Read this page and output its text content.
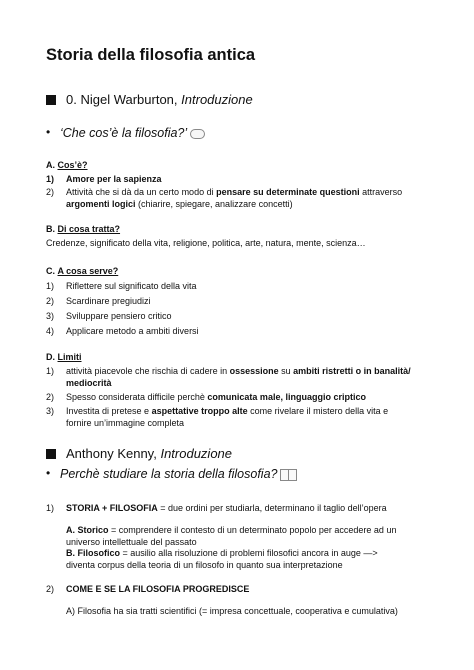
Storia della filosofia antica
0. Nigel Warburton, Introduzione
• ‘Che cos’è la filosofia?’
A. Cos’è?
1) Amore per la sapienza
2) Attività che si dà da un certo modo di pensare su determinate questioni attraverso
argomenti logici (chiarire, spiegare, analizzare concetti)
B. Di cosa tratta?
Credenze, significato della vita, religione, politica, arte, natura, mente, scienza…
C. A cosa serve?
1) Riflettere sul significato della vita
2) Scardinare pregiudizi
3) Sviluppare pensiero critico
4) Applicare metodo a ambiti diversi
D. Limiti
1) attività piacevole che rischia di cadere in ossessione su ambiti ristretti o in banalità/
mediocrità
2) Spesso considerata difficile perchè comunicata male, linguaggio criptico
3) Investita di pretese e aspettative troppo alte come rivelare il mistero della vita e
fornire un’immagine completa
Anthony Kenny, Introduzione
• Perchè studiare la storia della filosofia?
1) STORIA + FILOSOFIA = due ordini per studiarla, determinano il taglio dell’opera
A. Storico = comprendere il contesto di un determinato popolo per accedere ad un
universo intellettuale del passato
B. Filosofico = ausilio alla risoluzione di problemi filosofici ancora in auge —>
diventa corpus della teoria di un filosofo in quanto sua interpretazione
2) COME E SE LA FILOSOFIA PROGREDISCE
A) Filosofia ha sia tratti scientifici (= impresa concettuale, cooperativa e cumulativa)
